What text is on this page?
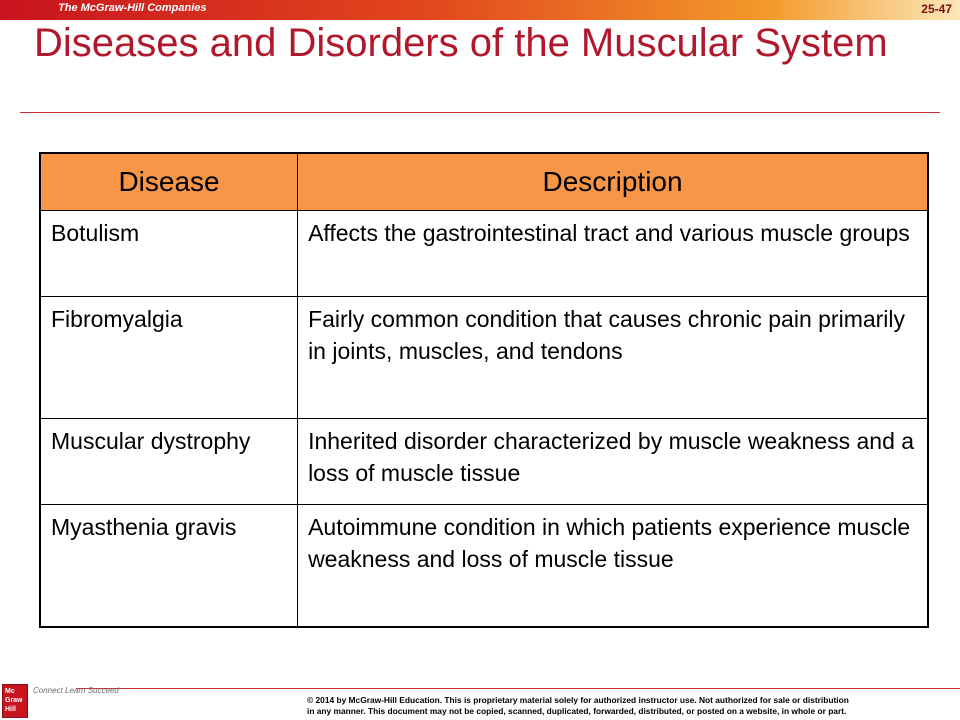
The McGraw-Hill Companies	25-47
Diseases and Disorders of the Muscular System
Disease	Description
Botulism	Affects the gastrointestinal tract and various muscle groups
Fibromyalgia	Fairly common condition that causes chronic pain primarily in joints, muscles, and tendons
Muscular dystrophy	Inherited disorder characterized by muscle weakness and a loss of muscle tissue
Myasthenia gravis	Autoimmune condition in which patients experience muscle weakness and loss of muscle tissue
Mc Graw Hill
Connect Learn Succeed
© 2014 by McGraw-Hill Education. This is proprietary material solely for authorized instructor use. Not authorized for sale or distribution
in any manner. This document may not be copied, scanned, duplicated, forwarded, distributed, or posted on a website, in whole or part.
